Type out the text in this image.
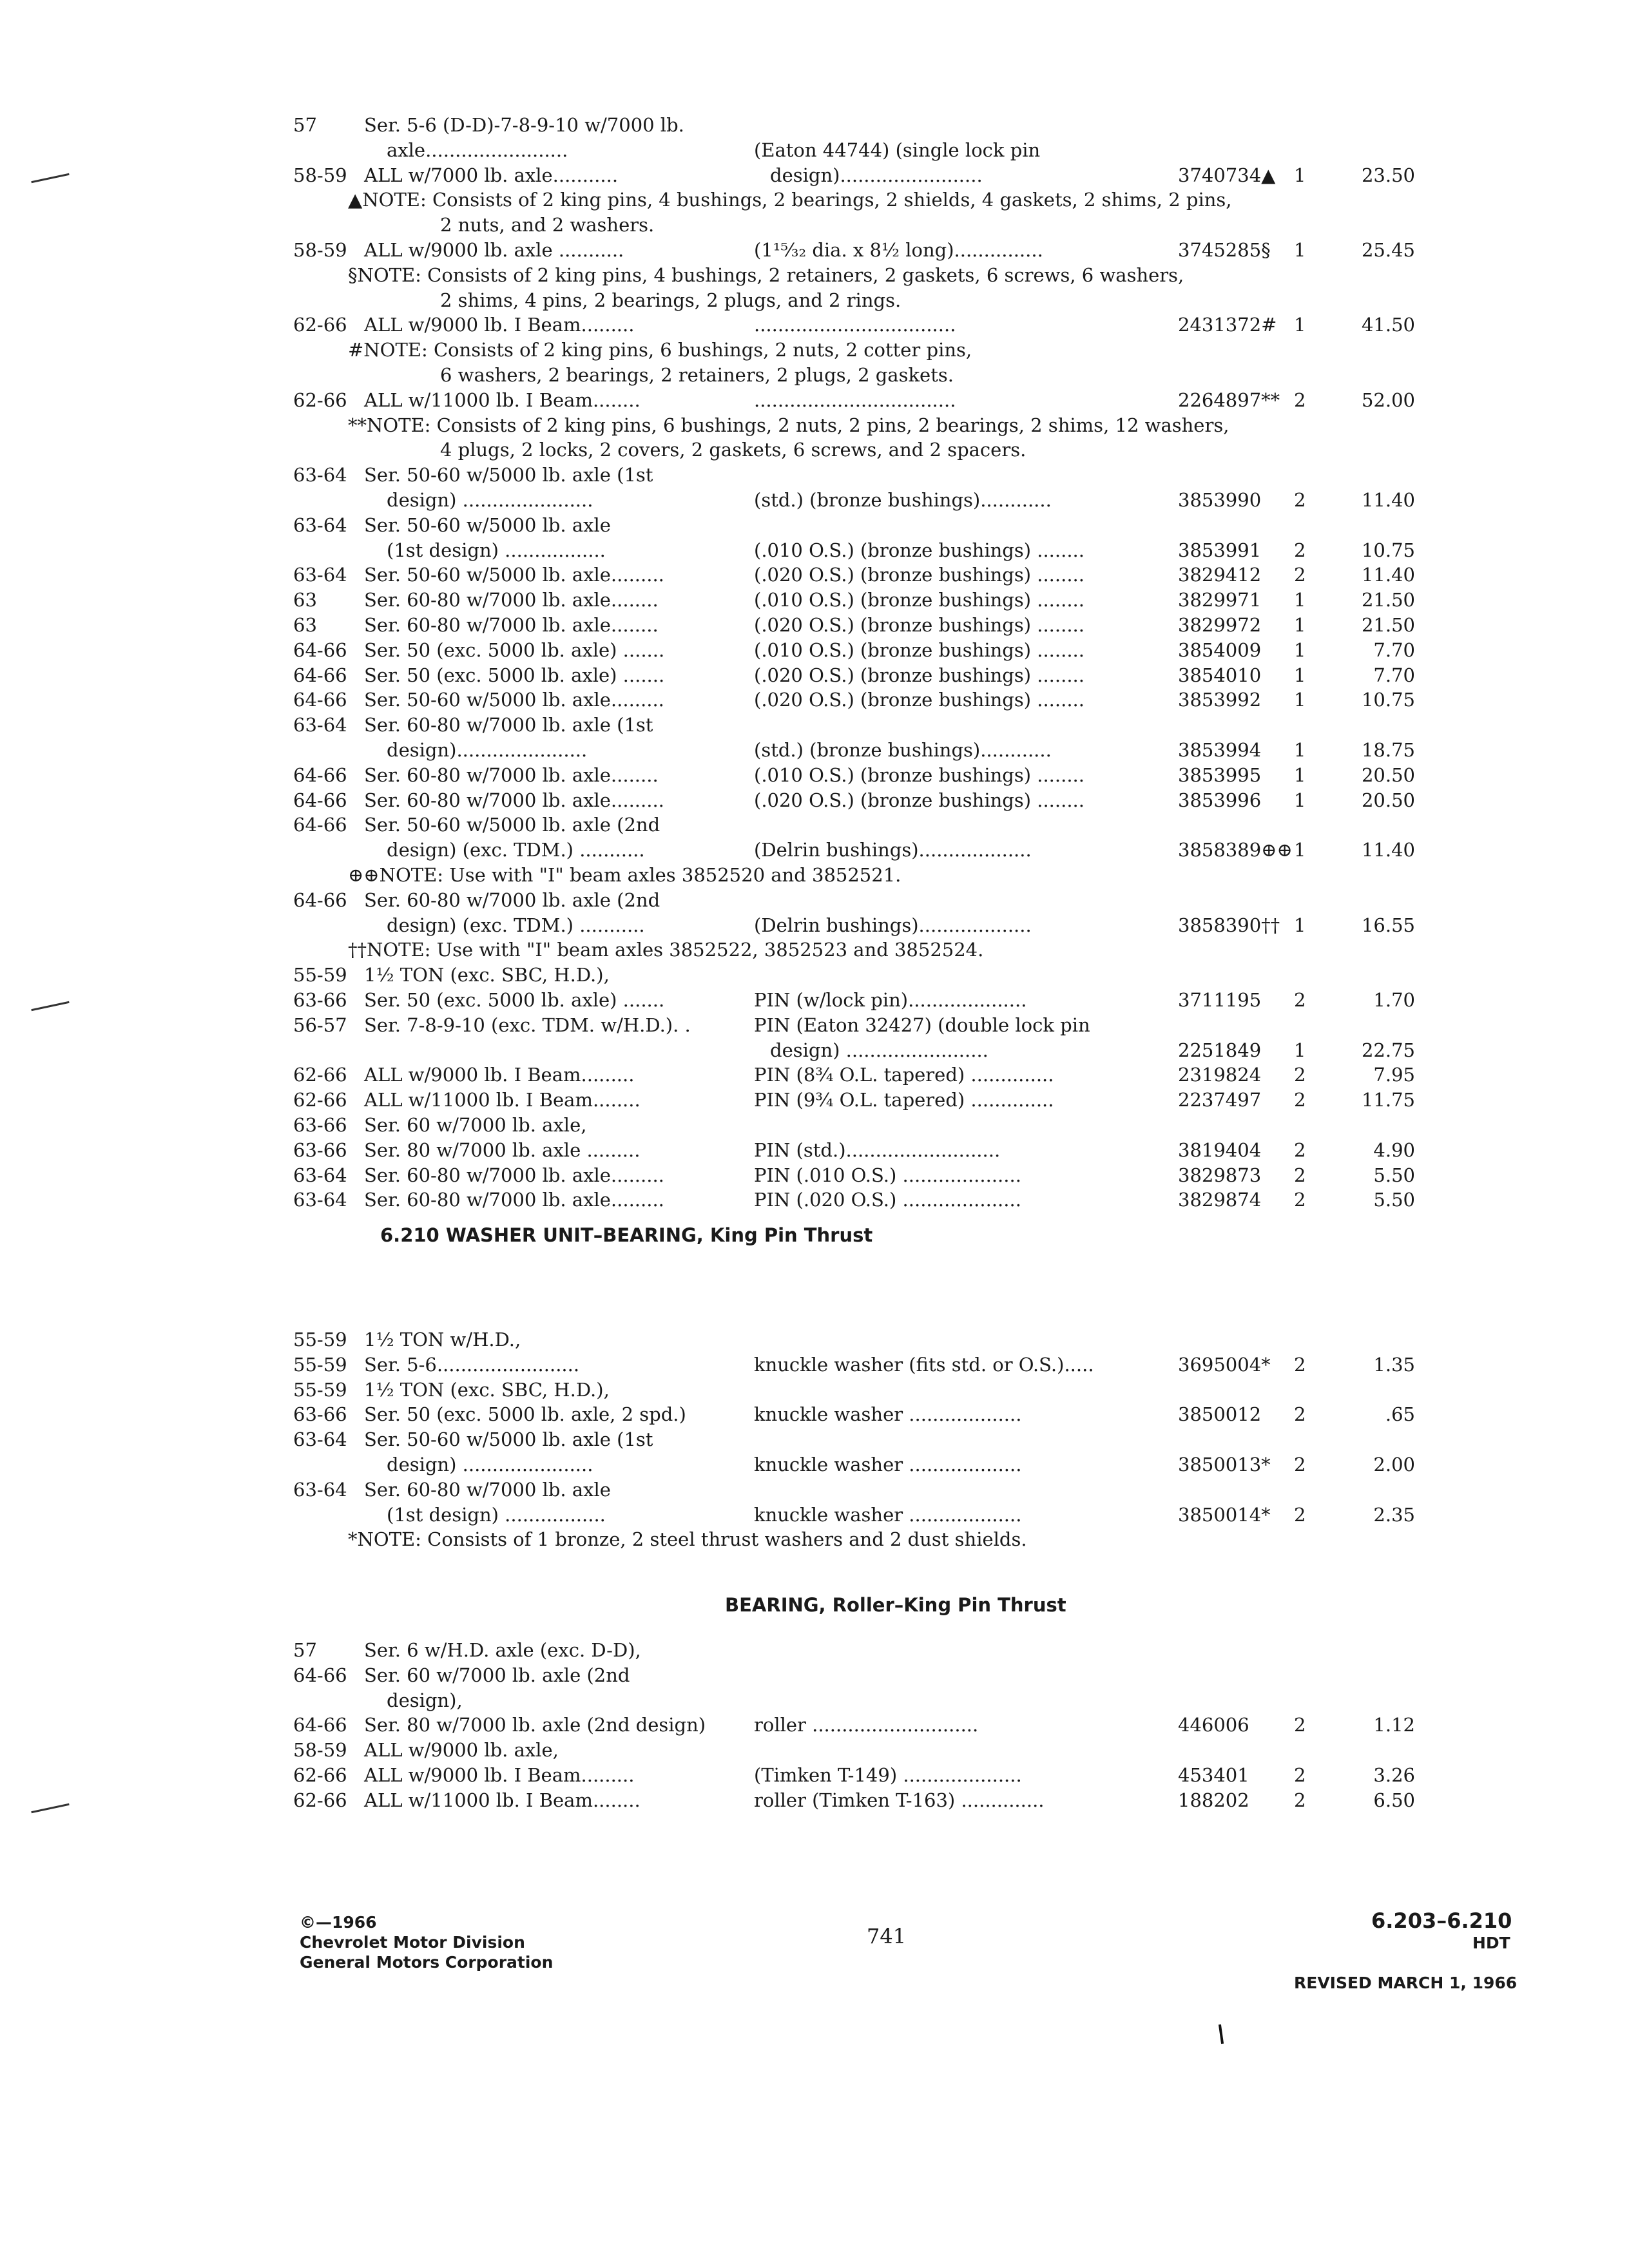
57	Ser. 5-6 (D-D)-7-8-9-10 w/7000 lb.
axle........................	(Eaton 44744) (single lock pin
58-59 ALL w/7000 lb. axle...........	design)........................	3740734▲ 1	23.50
▲NOTE: Consists of 2 king pins, 4 bushings, 2 bearings, 2 shields, 4 gaskets, 2 shims, 2 pins,
2 nuts, and 2 washers.
58-59 ALL w/9000 lb. axle ...........	(1¹⁵⁄₃₂ dia. x 8½ long)...............	3745285§ 1	25.45
§NOTE: Consists of 2 king pins, 4 bushings, 2 retainers, 2 gaskets, 6 screws, 6 washers,
2 shims, 4 pins, 2 bearings, 2 plugs, and 2 rings.
62-66 ALL w/9000 lb. I Beam.........	..................................	2431372# 1	41.50
#NOTE: Consists of 2 king pins, 6 bushings, 2 nuts, 2 cotter pins,
6 washers, 2 bearings, 2 retainers, 2 plugs, 2 gaskets.
62-66 ALL w/11000 lb. I Beam........	..................................	2264897** 2	52.00
**NOTE: Consists of 2 king pins, 6 bushings, 2 nuts, 2 pins, 2 bearings, 2 shims, 12 washers,
4 plugs, 2 locks, 2 covers, 2 gaskets, 6 screws, and 2 spacers.
63-64 Ser. 50-60 w/5000 lb. axle (1st
design) ......................	(std.) (bronze bushings)............	3853990 2	11.40
63-64 Ser. 50-60 w/5000 lb. axle
(1st design) .................	(.010 O.S.) (bronze bushings) ........	3853991 2	10.75
63-64 Ser. 50-60 w/5000 lb. axle.........	(.020 O.S.) (bronze bushings) ........	3829412 2	11.40
63	Ser. 60-80 w/7000 lb. axle........	(.010 O.S.) (bronze bushings) ........	3829971 1	21.50
63	Ser. 60-80 w/7000 lb. axle........	(.020 O.S.) (bronze bushings) ........	3829972 1	21.50
64-66 Ser. 50 (exc. 5000 lb. axle) .......	(.010 O.S.) (bronze bushings) ........	3854009 1	7.70
64-66 Ser. 50 (exc. 5000 lb. axle) .......	(.020 O.S.) (bronze bushings) ........	3854010 1	7.70
64-66 Ser. 50-60 w/5000 lb. axle.........	(.020 O.S.) (bronze bushings) ........	3853992 1	10.75
63-64 Ser. 60-80 w/7000 lb. axle (1st
design)......................	(std.) (bronze bushings)............	3853994 1	18.75
64-66 Ser. 60-80 w/7000 lb. axle........	(.010 O.S.) (bronze bushings) ........	3853995 1	20.50
64-66 Ser. 60-80 w/7000 lb. axle.........	(.020 O.S.) (bronze bushings) ........	3853996 1	20.50
64-66 Ser. 50-60 w/5000 lb. axle (2nd
design) (exc. TDM.) ...........	(Delrin bushings)...................	3858389⊕⊕ 1	11.40
⊕⊕NOTE: Use with "I" beam axles 3852520 and 3852521.
64-66 Ser. 60-80 w/7000 lb. axle (2nd
design) (exc. TDM.) ...........	(Delrin bushings)...................	3858390†† 1	16.55
††NOTE: Use with "I" beam axles 3852522, 3852523 and 3852524.
55-59 1½ TON (exc. SBC, H.D.),
63-66 Ser. 50 (exc. 5000 lb. axle) .......	PIN (w/lock pin)....................	3711195 2	1.70
56-57 Ser. 7-8-9-10 (exc. TDM. w/H.D.). .	PIN (Eaton 32427) (double lock pin
design) ........................	2251849 1	22.75
62-66 ALL w/9000 lb. I Beam.........	PIN (8¾ O.L. tapered) ..............	2319824 2	7.95
62-66 ALL w/11000 lb. I Beam........	PIN (9¾ O.L. tapered) ..............	2237497 2	11.75
63-66 Ser. 60 w/7000 lb. axle,
63-66 Ser. 80 w/7000 lb. axle .........	PIN (std.)..........................	3819404 2	4.90
63-64 Ser. 60-80 w/7000 lb. axle.........	PIN (.010 O.S.) ....................	3829873 2	5.50
63-64 Ser. 60-80 w/7000 lb. axle.........	PIN (.020 O.S.) ....................	3829874 2	5.50
6.210 WASHER UNIT–BEARING, King Pin Thrust
55-59 1½ TON w/H.D.,
55-59 Ser. 5-6........................	knuckle washer (fits std. or O.S.).....	3695004* 2	1.35
55-59 1½ TON (exc. SBC, H.D.),
63-66 Ser. 50 (exc. 5000 lb. axle, 2 spd.)	knuckle washer ...................	3850012 2	.65
63-64 Ser. 50-60 w/5000 lb. axle (1st
design) ......................	knuckle washer ...................	3850013* 2	2.00
63-64 Ser. 60-80 w/7000 lb. axle
(1st design) .................	knuckle washer ...................	3850014* 2	2.35
*NOTE: Consists of 1 bronze, 2 steel thrust washers and 2 dust shields.
BEARING, Roller–King Pin Thrust
57	Ser. 6 w/H.D. axle (exc. D-D),
64-66 Ser. 60 w/7000 lb. axle (2nd
design),
64-66 Ser. 80 w/7000 lb. axle (2nd design)	roller ............................	446006 2	1.12
58-59 ALL w/9000 lb. axle,
62-66 ALL w/9000 lb. I Beam.........	(Timken T-149) ....................	453401 2	3.26
62-66 ALL w/11000 lb. I Beam........	roller (Timken T-163) ..............	188202 2	6.50
©—1966
Chevrolet Motor Division
General Motors Corporation
741
6.203–6.210
HDT
REVISED MARCH 1, 1966
